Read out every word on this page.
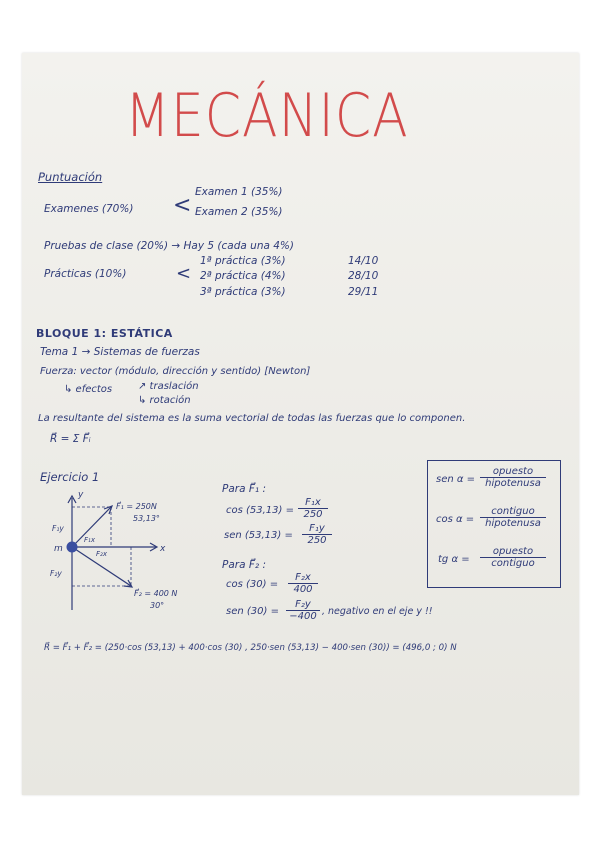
MECÁNICA
Puntuación
Examenes (70%) <
Examen 1 (35%)
Examen 2 (35%)
Pruebas de clase (20%) → Hay 5 (cada una 4%)
Prácticas (10%)	<
1ª práctica (3%)	14/10
2ª práctica (4%)	28/10
3ª práctica (3%)	29/11
BLOQUE 1: ESTÁTICA
Tema 1 → Sistemas de fuerzas
Fuerza: vector (módulo, dirección y sentido) [Newton]
↳ efectos	↗ traslación
↳ rotación
La resultante del sistema es la suma vectorial de todas las fuerzas que lo componen.
R⃗ = Σ F⃗ᵢ
Ejercicio 1
y
x
m
F₁y
F₁x
F₂x
F₂y
F⃗₁ = 250N
53,13°
F⃗₂ = 400 N
30°
Para F⃗₁ :
$\cos (53,13) = \frac{\text{F₁x}}{250}$
sen $(53,13) = \frac{\text{F₁y}}{250}$
Para F⃗₂ :
$\cos (30) = \frac{\text{F₂x}}{400}$
sen $(30) = \frac{\text{F₂y}}{-400}$ , negativo en el eje y !!
sen α =
opuesto
hipotenusa
cos α =
contiguo
hipotenusa
tg α =
opuesto
contiguo
R⃗ = F⃗₁ + F⃗₂ = (250·cos (53,13) + 400·cos (30) , 250·sen (53,13) − 400·sen (30)) = (496,0 ; 0) N
